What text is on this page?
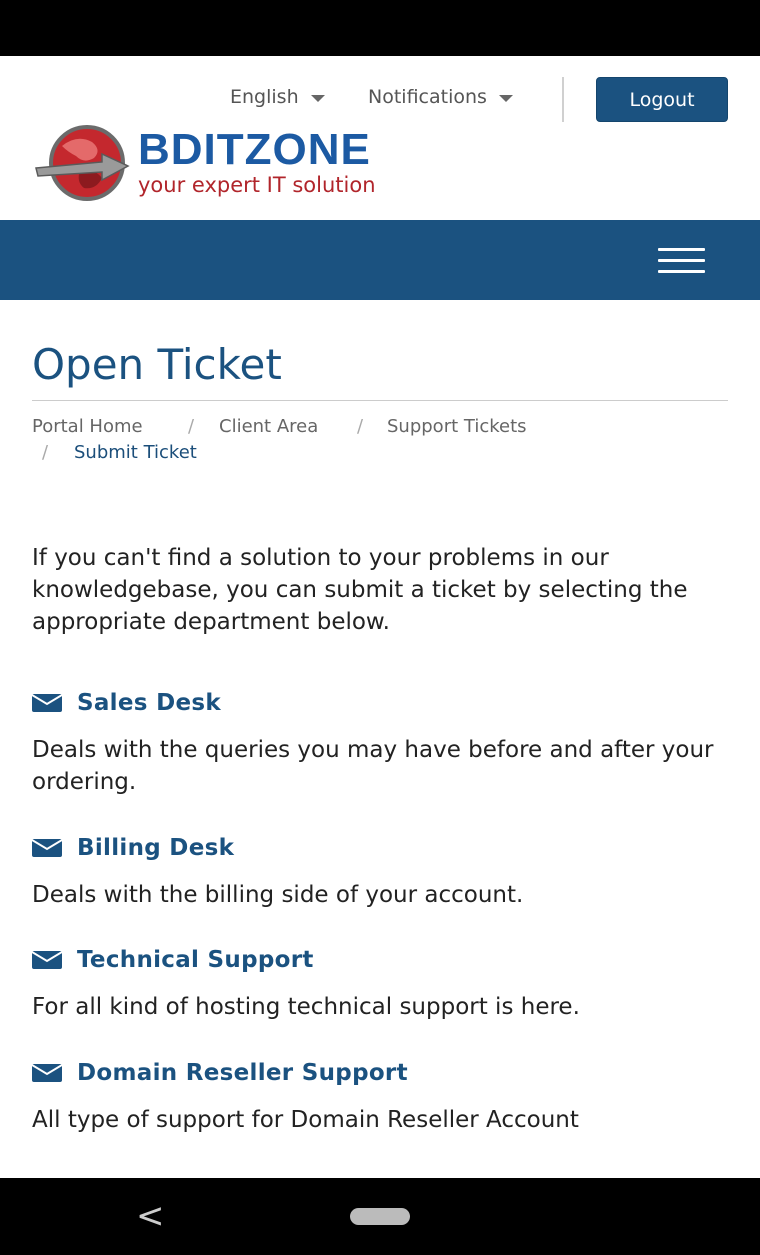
English	Notifications	Logout
BDITZONE
your expert IT solution
Open Ticket
Portal Home	/ Client Area / Support Tickets
/ Submit Ticket

If you can't find a solution to your problems in our knowledgebase, you can submit a ticket by selecting the appropriate department below.

Sales Desk
Deals with the queries you may have before and after your ordering.
Billing Desk
Deals with the billing side of your account.
Technical Support
For all kind of hosting technical support is here.
Domain Reseller Support
All type of support for Domain Reseller Account
<
